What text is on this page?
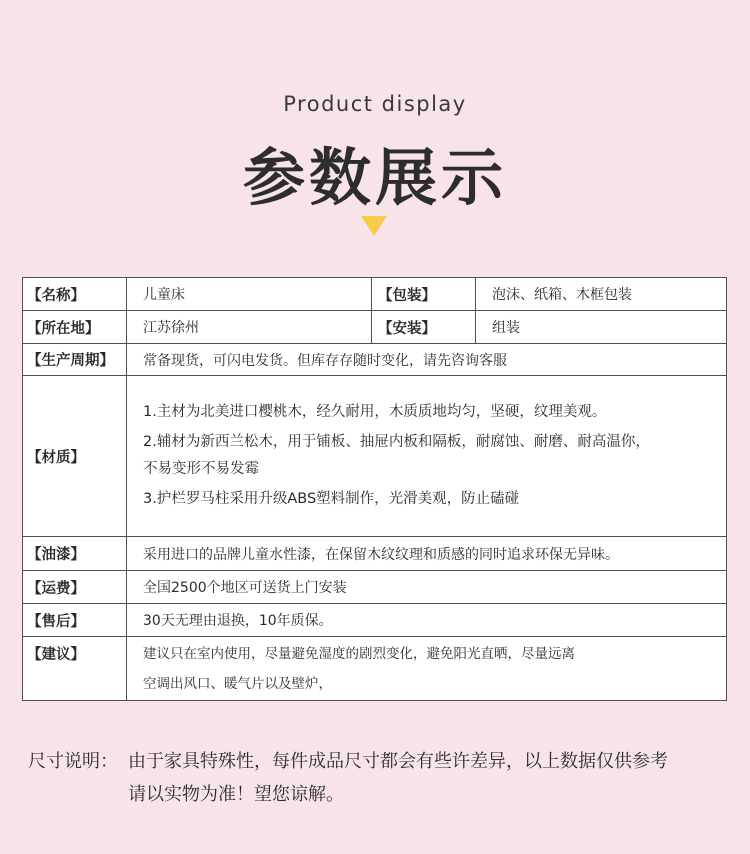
Product display
参数展示
【名称】	儿童床	【包装】	泡沫、纸箱、木框包装
【所在地】	江苏徐州	【安装】	组装
【生产周期】	常备现货，可闪电发货。但库存存随时变化，请先咨询客服		
【材质】	1.主材为北美进口樱桃木，经久耐用，木质质地均匀，坚硬，纹理美观。

2.辅材为新西兰松木，用于铺板、抽屉内板和隔板，耐腐蚀、耐磨、耐高温你，

不易变形不易发霉

3.护栏罗马柱采用升级ABS塑料制作，光滑美观，防止磕碰		

【油漆】	采用进口的品牌儿童水性漆，在保留木纹纹理和质感的同时追求环保无异味。		
【运费】	全国2500个地区可送货上门安装		
【售后】	30天无理由退换，10年质保。		
【建议】	建议只在室内使用，尽量避免湿度的剧烈变化，避免阳光直晒，尽量远离
空调出风口、暖气片以及壁炉，		
尺寸说明： 由于家具特殊性，每件成品尺寸都会有些许差异，以上数据仅供参考
请以实物为准！望您谅解。
